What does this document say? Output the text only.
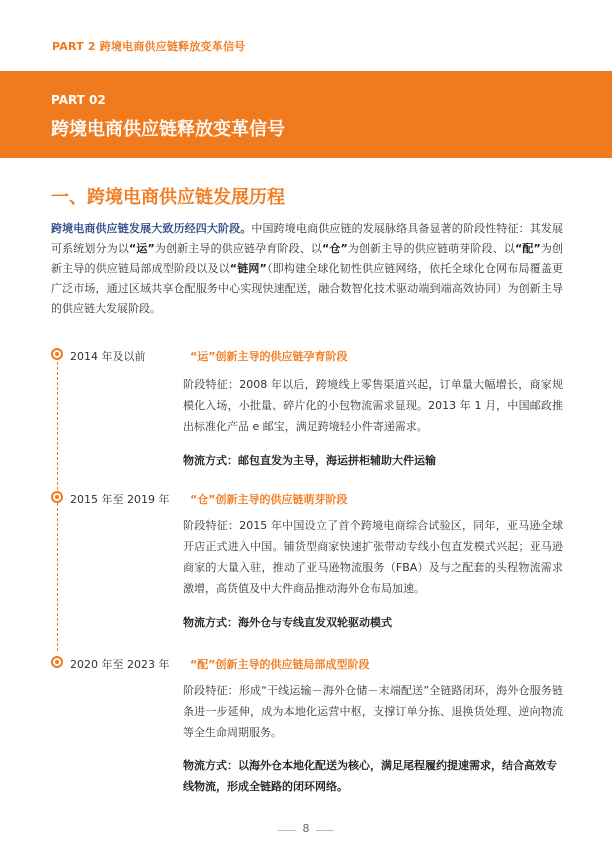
PART 2 跨境电商供应链释放变革信号
PART 02
跨境电商供应链释放变革信号
一、跨境电商供应链发展历程
跨境电商供应链发展大致历经四大阶段。中国跨境电商供应链的发展脉络具备显著的阶段性特征：其发展可系统划分为以“运”为创新主导的供应链孕育阶段、以“仓”为创新主导的供应链萌芽阶段、以“配”为创新主导的供应链局部成型阶段以及以“链网”（即构建全球化韧性供应链网络，依托全球化仓网布局覆盖更广泛市场，通过区域共享仓配服务中心实现快速配送，融合数智化技术驱动端到端高效协同）为创新主导的供应链大发展阶段。
2014 年及以前	“运”创新主导的供应链孕育阶段
阶段特征：2008 年以后，跨境线上零售渠道兴起，订单量大幅增长，商家规模化入场，小批量、碎片化的小包物流需求显现。2013 年 1 月，中国邮政推出标准化产品 e 邮宝，满足跨境轻小件寄递需求。
物流方式：邮包直发为主导，海运拼柜辅助大件运输
2015 年至 2019 年 “仓”创新主导的供应链萌芽阶段
阶段特征：2015 年中国设立了首个跨境电商综合试验区，同年，亚马逊全球开店正式进入中国。铺货型商家快速扩张带动专线小包直发模式兴起；亚马逊商家的大量入驻，推动了亚马逊物流服务（FBA）及与之配套的头程物流需求激增，高货值及中大件商品推动海外仓布局加速。
物流方式：海外仓与专线直发双轮驱动模式
2020 年至 2023 年 “配”创新主导的供应链局部成型阶段
阶段特征：形成“干线运输－海外仓储－末端配送”全链路闭环，海外仓服务链条进一步延伸，成为本地化运营中枢，支撑订单分拣、退换货处理、逆向物流等全生命周期服务。
物流方式：以海外仓本地化配送为核心，满足尾程履约提速需求，结合高效专线物流，形成全链路的闭环网络。
8
